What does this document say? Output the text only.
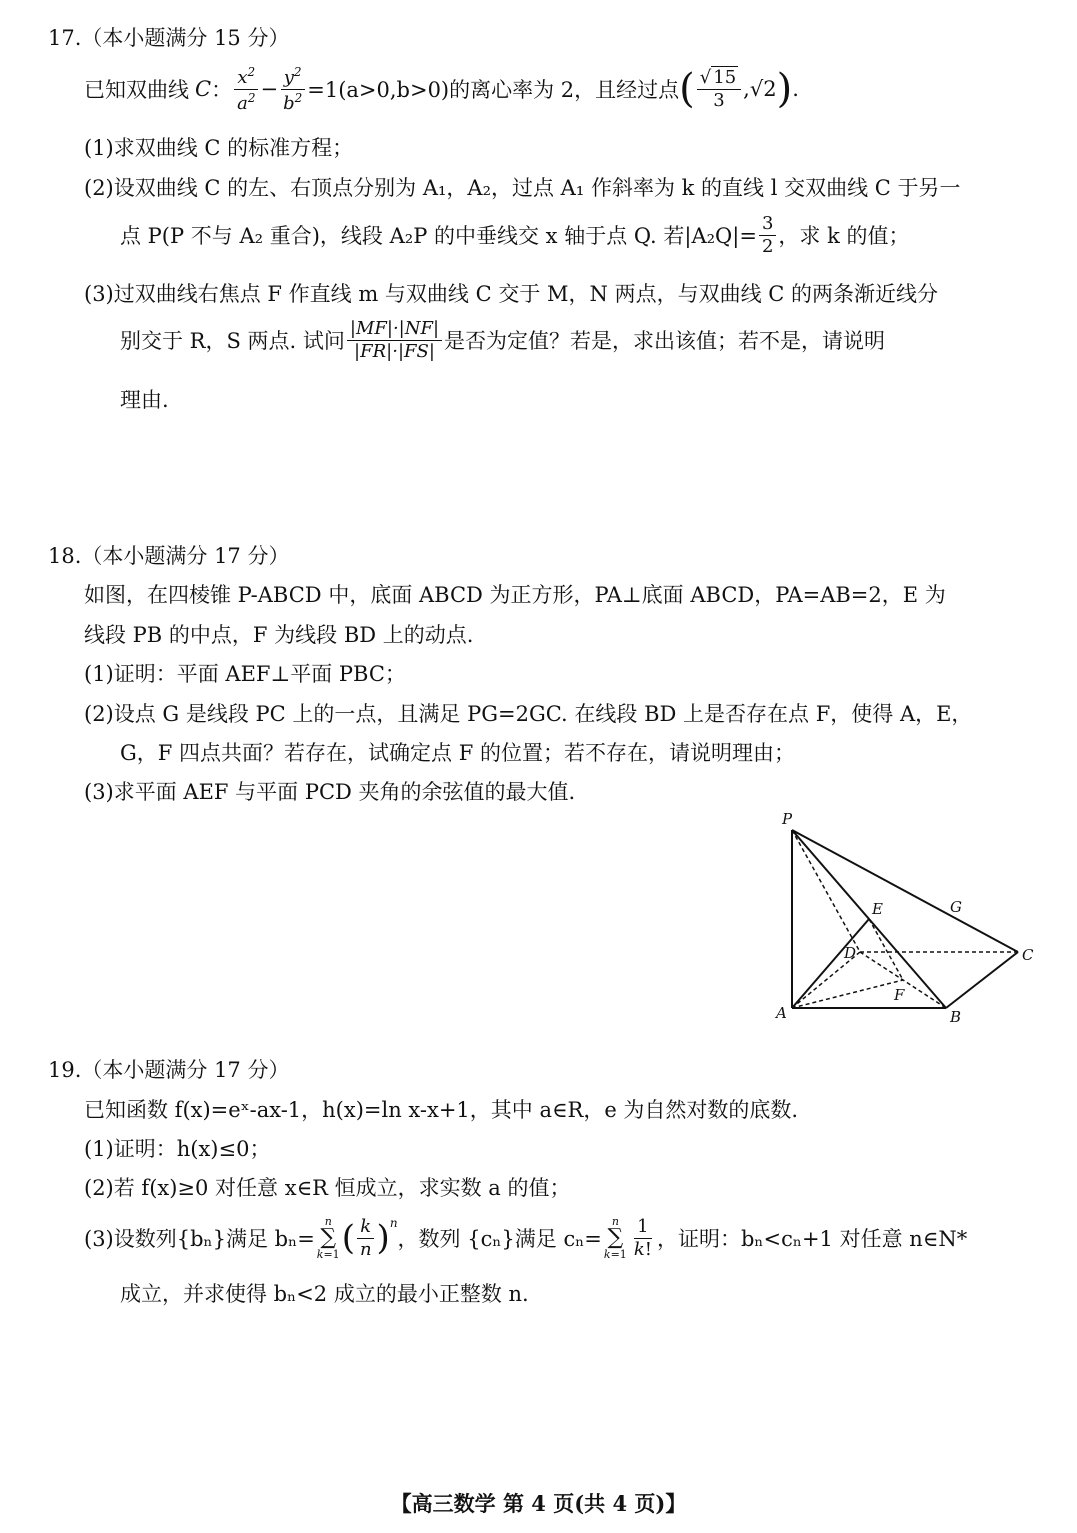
17.（本小题满分 15 分）
已知双曲线 C ： $\frac{x^2}{a^2} - \frac{y^2}{b^2} =1(a>0,b>0)$的离心率为 2，且经过点 ( $\frac{√ 15}{3} ,√2$ ) .
(1)求双曲线 C 的标准方程；
(2)设双曲线 C 的左、右顶点分别为 A₁，A₂，过点 A₁ 作斜率为 k 的直线 l 交双曲线 C 于另一
点 P(P 不与 A₂ 重合)，线段 A₂P 的中垂线交 x 轴于点 Q. 若$|A_2Q|= \frac{3}{2}$ ，求 k 的值；
(3)过双曲线右焦点 F 作直线 m 与双曲线 C 交于 M，N 两点，与双曲线 C 的两条渐近线分
别交于 R，S 两点. 试问 $\frac{|MF|\cdot|NF|}{|FR|\cdot|FS|}$ 是否为定值？若是，求出该值；若不是，请说明
理由.
18.（本小题满分 17 分）
如图，在四棱锥 P-ABCD 中，底面 ABCD 为正方形，PA⊥底面 ABCD，PA=AB=2，E 为
线段 PB 的中点，F 为线段 BD 上的动点.
(1)证明：平面 AEF⊥平面 PBC；
(2)设点 G 是线段 PC 上的一点，且满足 PG=2GC. 在线段 BD 上是否存在点 F，使得 A，E，
G，F 四点共面？若存在，试确定点 F 的位置；若不存在，请说明理由；
(3)求平面 AEF 与平面 PCD 夹角的余弦值的最大值.
P
E	G
C
D
F
A	B
19.（本小题满分 17 分）
已知函数 f(x)=eˣ-ax-1，h(x)=ln x-x+1，其中 a∈R，e 为自然对数的底数.
(1)证明：h(x)≤0；
(2)若 f(x)≥0 对任意 x∈R 恒成立，求实数 a 的值；
(3)设数列{bₙ}满足 bₙ=
n
∑
k=1 ( $\frac{k}{n} )^n$
，数列 {cₙ}满足 cₙ=
n
∑
$k=1 \frac{1}{k!}$ ，证明：bₙ<cₙ+1 对任意 n∈N*
成立，并求使得 bₙ<2 成立的最小正整数 n.
【高三数学 第 4 页(共 4 页)】
